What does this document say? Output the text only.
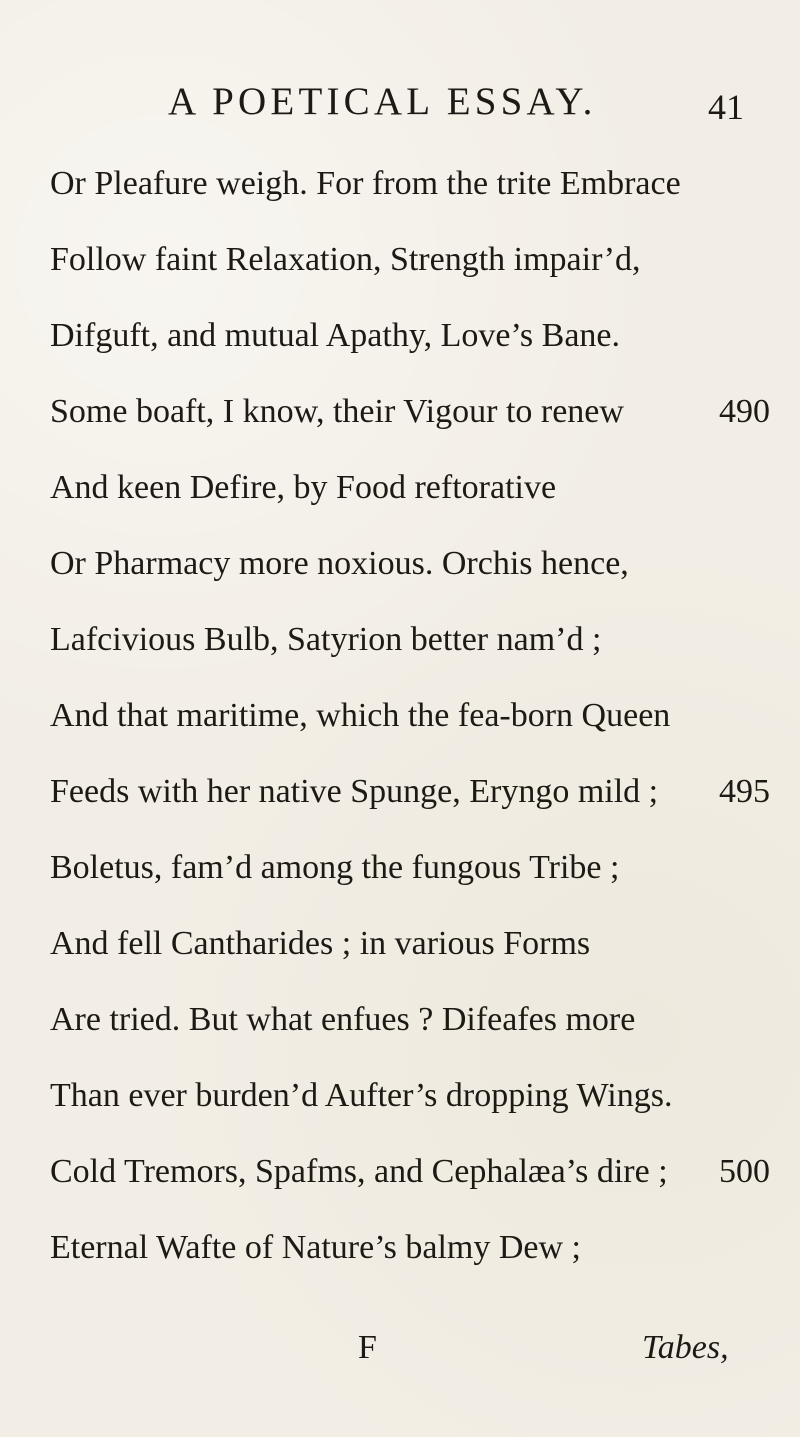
A POETICAL ESSAY.	41
Or Pleafure weigh. For from the trite Embrace
Follow faint Relaxation, Strength impair’d,
Difguft, and mutual Apathy, Love’s Bane.
Some boaft, I know, their Vigour to renew	490
And keen Defire, by Food reftorative
Or Pharmacy more noxious. Orchis hence,
Lafcivious Bulb, Satyrion better nam’d ;
And that maritime, which the fea-born Queen
Feeds with her native Spunge, Eryngo mild ; 495
Boletus, fam’d among the fungous Tribe ;
And fell Cantharides ; in various Forms
Are tried. But what enfues ? Difeafes more
Than ever burden’d Aufter’s dropping Wings.
Cold Tremors, Spafms, and Cephalæa’s dire ; 500
Eternal Wafte of Nature’s balmy Dew ;
F	Tabes,
